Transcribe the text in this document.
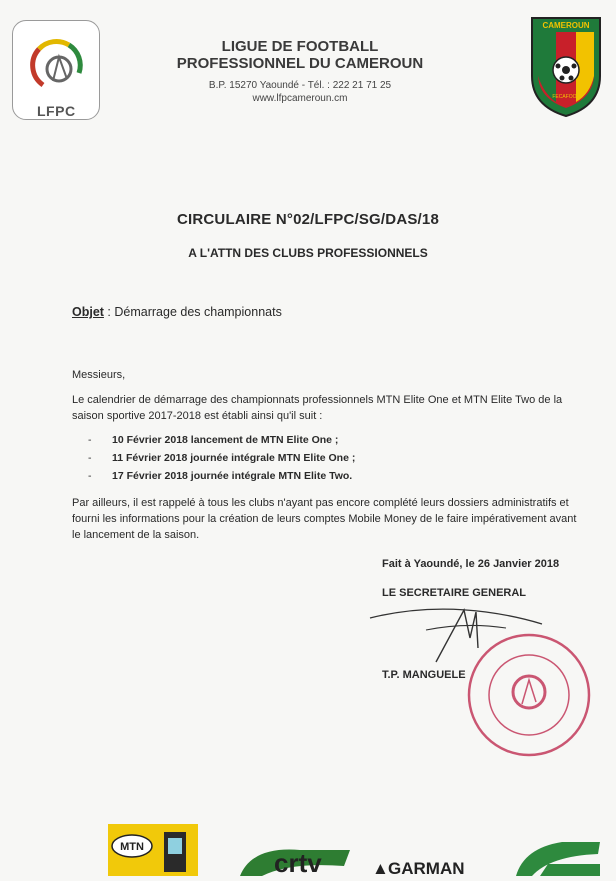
LFPC
LIGUE DE FOOTBALL
PROFESSIONNEL DU CAMEROUN
B.P. 15270 Yaoundé - Tél. : 222 21 71 25
www.lfpcameroun.cm
CAMEROUN
FECAFOOT
CIRCULAIRE N°02/LFPC/SG/DAS/18
A L'ATTN DES CLUBS PROFESSIONNELS
Objet : Démarrage des championnats
Messieurs,
Le calendrier de démarrage des championnats professionnels MTN Elite One et MTN Elite Two de la
saison sportive 2017-2018 est établi ainsi qu'il suit :
- 10 Février 2018 lancement de MTN Elite One ;
- 11 Février 2018 journée intégrale MTN Elite One ;
- 17 Février 2018 journée intégrale MTN Elite Two.
Par ailleurs, il est rappelé à tous les clubs n'ayant pas encore complété leurs dossiers administratifs et
fourni les informations pour la création de leurs comptes Mobile Money de le faire impérativement avant
le lancement de la saison.
Fait à Yaoundé, le 26 Janvier 2018
LE SECRETAIRE GENERAL
T.P. MANGUELE
MTN
crtv	▲ GARMAN
